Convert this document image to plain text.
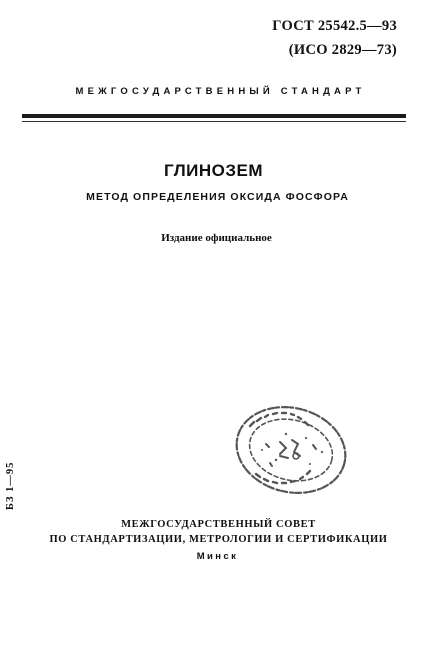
ГОСТ 25542.5—93
(ИСО 2829—73)
МЕЖГОСУДАРСТВЕННЫЙ СТАНДАРТ
ГЛИНОЗЕМ
МЕТОД ОПРЕДЕЛЕНИЯ ОКСИДА ФОСФОРА
Издание официальное
БЗ 1—95
МЕЖГОСУДАРСТВЕННЫЙ СОВЕТ
ПО СТАНДАРТИЗАЦИИ, МЕТРОЛОГИИ И СЕРТИФИКАЦИИ
Минск
